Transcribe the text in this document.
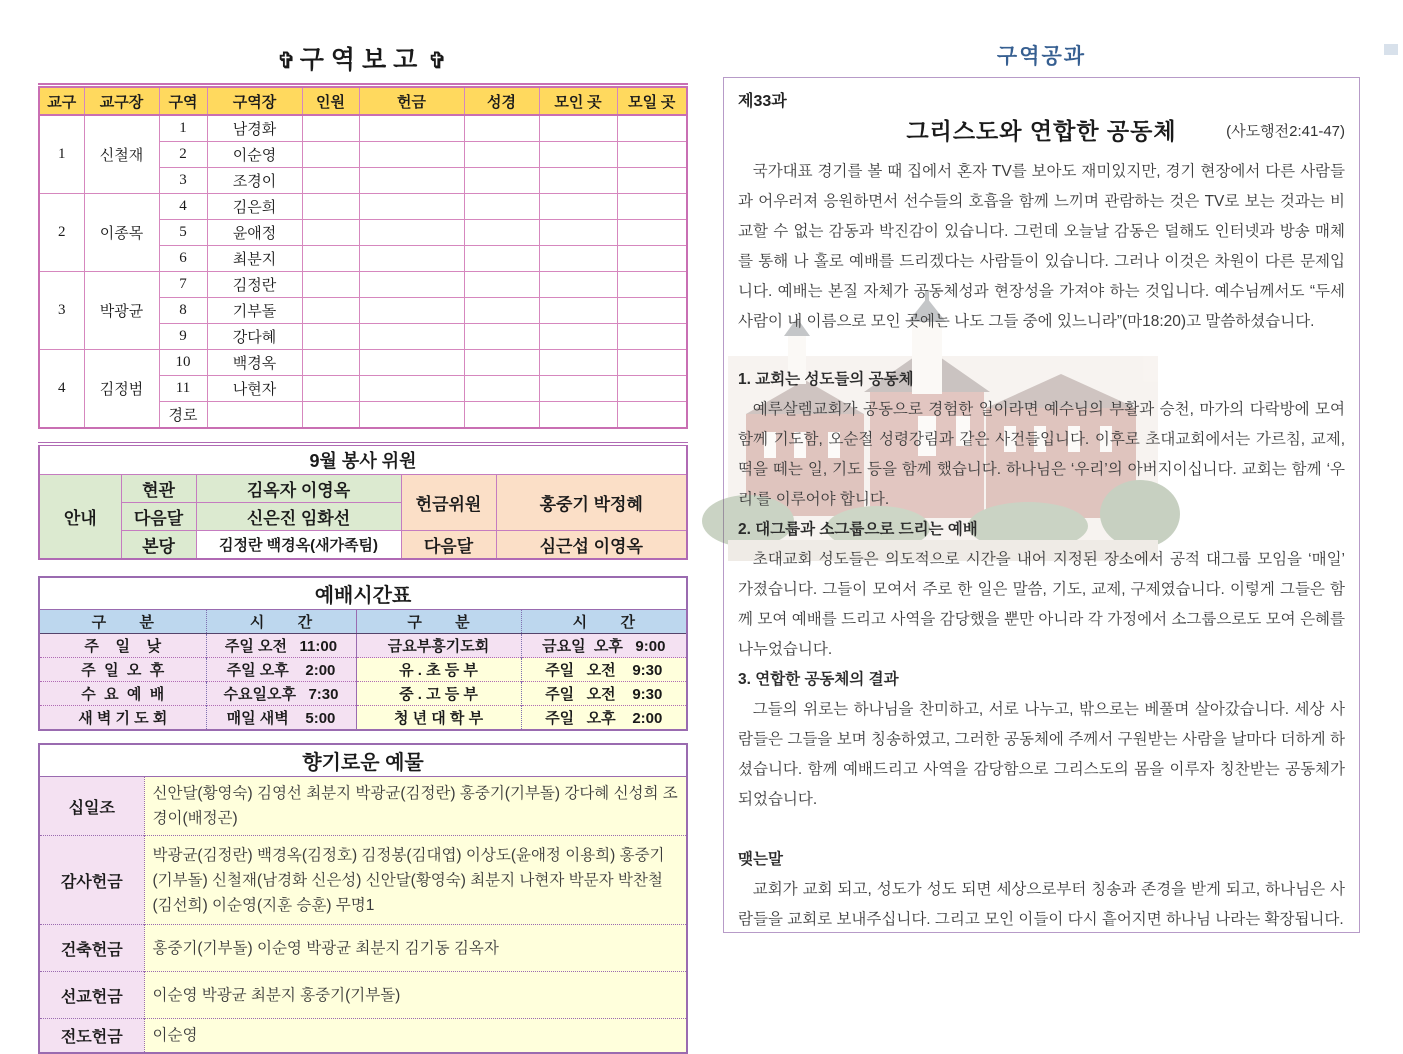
✞ 구역보고 ✞
교구	교구장	구역	구역장	인원	헌금	성경	모인 곳	모일 곳
1	신철재	1	남경화					
		2	이순영					
		3	조경이					
2	이종목	4	김은희					
		5	윤애정					
		6	최분지					
3	박광균	7	김정란					
		8	기부돌					
		9	강다혜					
4	김정범	10	백경옥					
		11	나현자					
		경로						
9월 봉사 위원				
안내	현관	김옥자 이영옥	헌금위원	홍중기 박정혜
	다음달	신은진 임화선		
	본당	김정란 백경옥(새가족팀)	다음달	심근섭 이영옥
예배시간표			
구        분	시        간	구        분	시        간
주    일    낮	주일 오전   11:00	금요부흥기도회	금요일  오후   9:00
주  일  오  후	주일 오후    2:00	유 . 초 등 부	주일   오전    9:30
수  요  예  배	수요일오후   7:30	중 . 고 등 부	주일   오전    9:30
새 벽 기 도 회	매일 새벽    5:00	청 년 대 학 부	주일   오후    2:00
향기로운 예물	
십일조	신안달(황영숙) 김영선 최분지 박광균(김정란) 홍중기(기부돌) 강다혜 신성희 조경이(배정곤)
감사헌금	박광균(김정란) 백경옥(김정호) 김정봉(김대엽) 이상도(윤애정 이용희) 홍중기(기부돌) 신철재(남경화 신은성) 신안달(황영숙) 최분지 나현자 박문자 박찬철(김선희) 이순영(지훈 승훈) 무명1
건축헌금	홍중기(기부돌) 이순영 박광균 최분지 김기동 김옥자
선교헌금	이순영 박광균 최분지 홍중기(기부돌)
전도헌금	이순영
구역공과
제33과
그리스도와 연합한 공동체	(사도행전2:41-47)
국가대표 경기를 볼 때 집에서 혼자 TV를 보아도 재미있지만, 경기 현장에서 다른 사람들과 어우러져 응원하면서 선수들의 호흡을 함께 느끼며 관람하는 것은 TV로 보는 것과는 비교할 수 없는 감동과 박진감이 있습니다. 그런데 오늘날 감동은 덜해도 인터넷과 방송 매체를 통해 나 홀로 예배를 드리겠다는 사람들이 있습니다. 그러나 이것은 차원이 다른 문제입니다. 예배는 본질 자체가 공동체성과 현장성을 가져야 하는 것입니다. 예수님께서도 “두세 사람이 내 이름으로 모인 곳에는 나도 그들 중에 있느니라”(마18:20)고 말씀하셨습니다.
1. 교회는 성도들의 공동체
예루살렘교회가 공동으로 경험한 일이라면 예수님의 부활과 승천, 마가의 다락방에 모여 함께 기도함, 오순절 성령강림과 같은 사건들입니다. 이후로 초대교회에서는 가르침, 교제, 떡을 떼는 일, 기도 등을 함께 했습니다. 하나님은 ‘우리’의 아버지이십니다. 교회는 함께 ‘우리’를 이루어야 합니다.
2. 대그룹과 소그룹으로 드리는 예배
초대교회 성도들은 의도적으로 시간을 내어 지정된 장소에서 공적 대그룹 모임을 ‘매일’ 가졌습니다. 그들이 모여서 주로 한 일은 말씀, 기도, 교제, 구제였습니다. 이렇게 그들은 함께 모여 예배를 드리고 사역을 감당했을 뿐만 아니라 각 가정에서 소그룹으로도 모여 은혜를 나누었습니다.
3. 연합한 공동체의 결과
그들의 위로는 하나님을 찬미하고, 서로 나누고, 밖으로는 베풀며 살아갔습니다. 세상 사람들은 그들을 보며 칭송하였고, 그러한 공동체에 주께서 구원받는 사람을 날마다 더하게 하셨습니다. 함께 예배드리고 사역을 감당함으로 그리스도의 몸을 이루자 칭찬받는 공동체가 되었습니다.
맺는말
교회가 교회 되고, 성도가 성도 되면 세상으로부터 칭송과 존경을 받게 되고, 하나님은 사람들을 교회로 보내주십니다. 그리고 모인 이들이 다시 흩어지면 하나님 나라는 확장됩니다.
